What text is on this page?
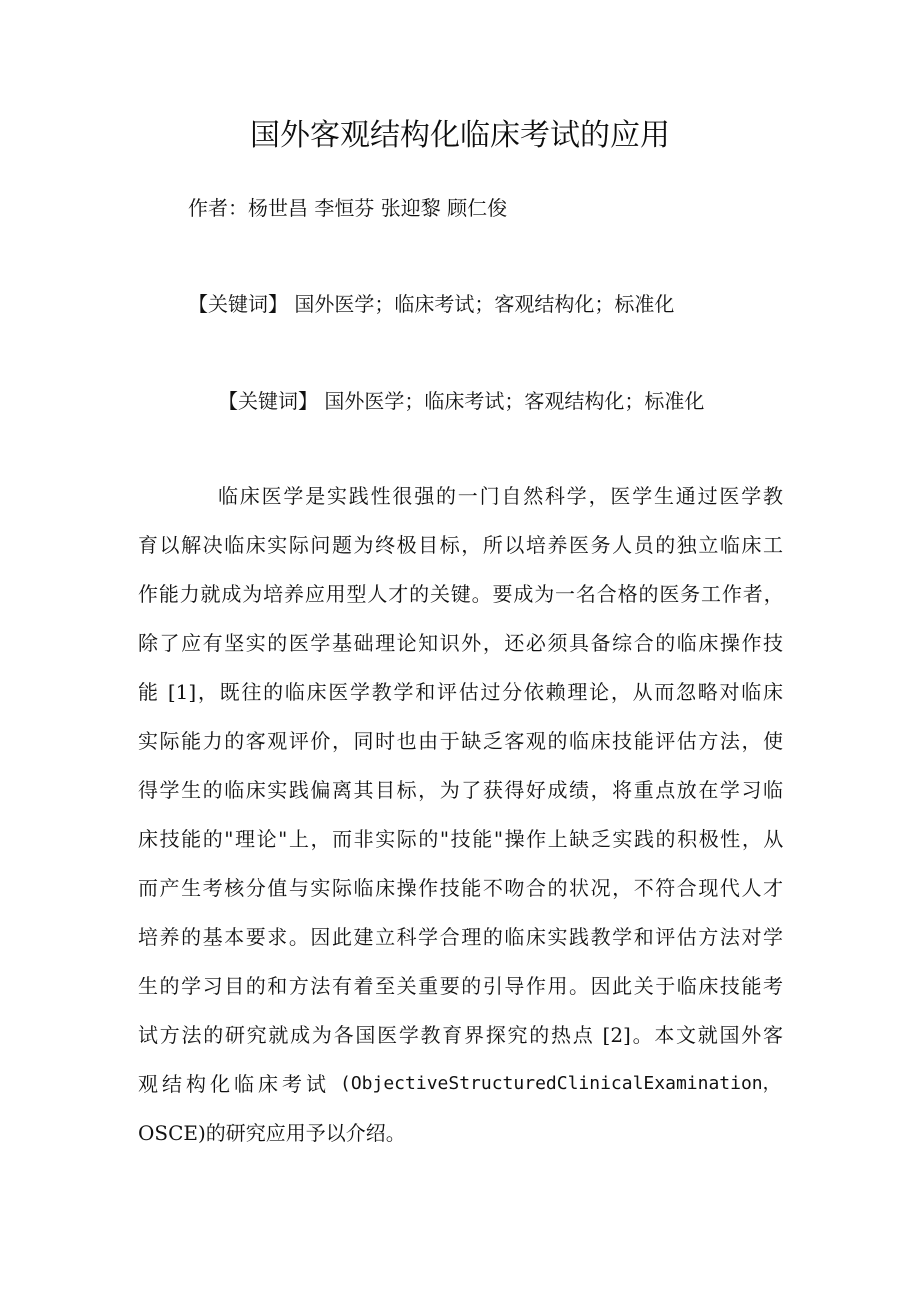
国外客观结构化临床考试的应用
作者：杨世昌 李恒芬 张迎黎 顾仁俊
【关键词】 国外医学；临床考试；客观结构化；标准化
【关键词】 国外医学；临床考试；客观结构化；标准化
临床医学是实践性很强的一门自然科学，医学生通过医学教
育以解决临床实际问题为终极目标，所以培养医务人员的独立临床工
作能力就成为培养应用型人才的关键。要成为一名合格的医务工作者，
除了应有坚实的医学基础理论知识外，还必须具备综合的临床操作技
能 [1]，既往的临床医学教学和评估过分依赖理论，从而忽略对临床
实际能力的客观评价，同时也由于缺乏客观的临床技能评估方法，使
得学生的临床实践偏离其目标，为了获得好成绩，将重点放在学习临
床技能的"理论"上，而非实际的"技能"操作上缺乏实践的积极性，从
而产生考核分值与实际临床操作技能不吻合的状况，不符合现代人才
培养的基本要求。因此建立科学合理的临床实践教学和评估方法对学
生的学习目的和方法有着至关重要的引导作用。因此关于临床技能考
试方法的研究就成为各国医学教育界探究的热点 [2]。本文就国外客
观结构化临床考试 (ObjectiveStructuredClinicalExamination，
OSCE)的研究应用予以介绍。
